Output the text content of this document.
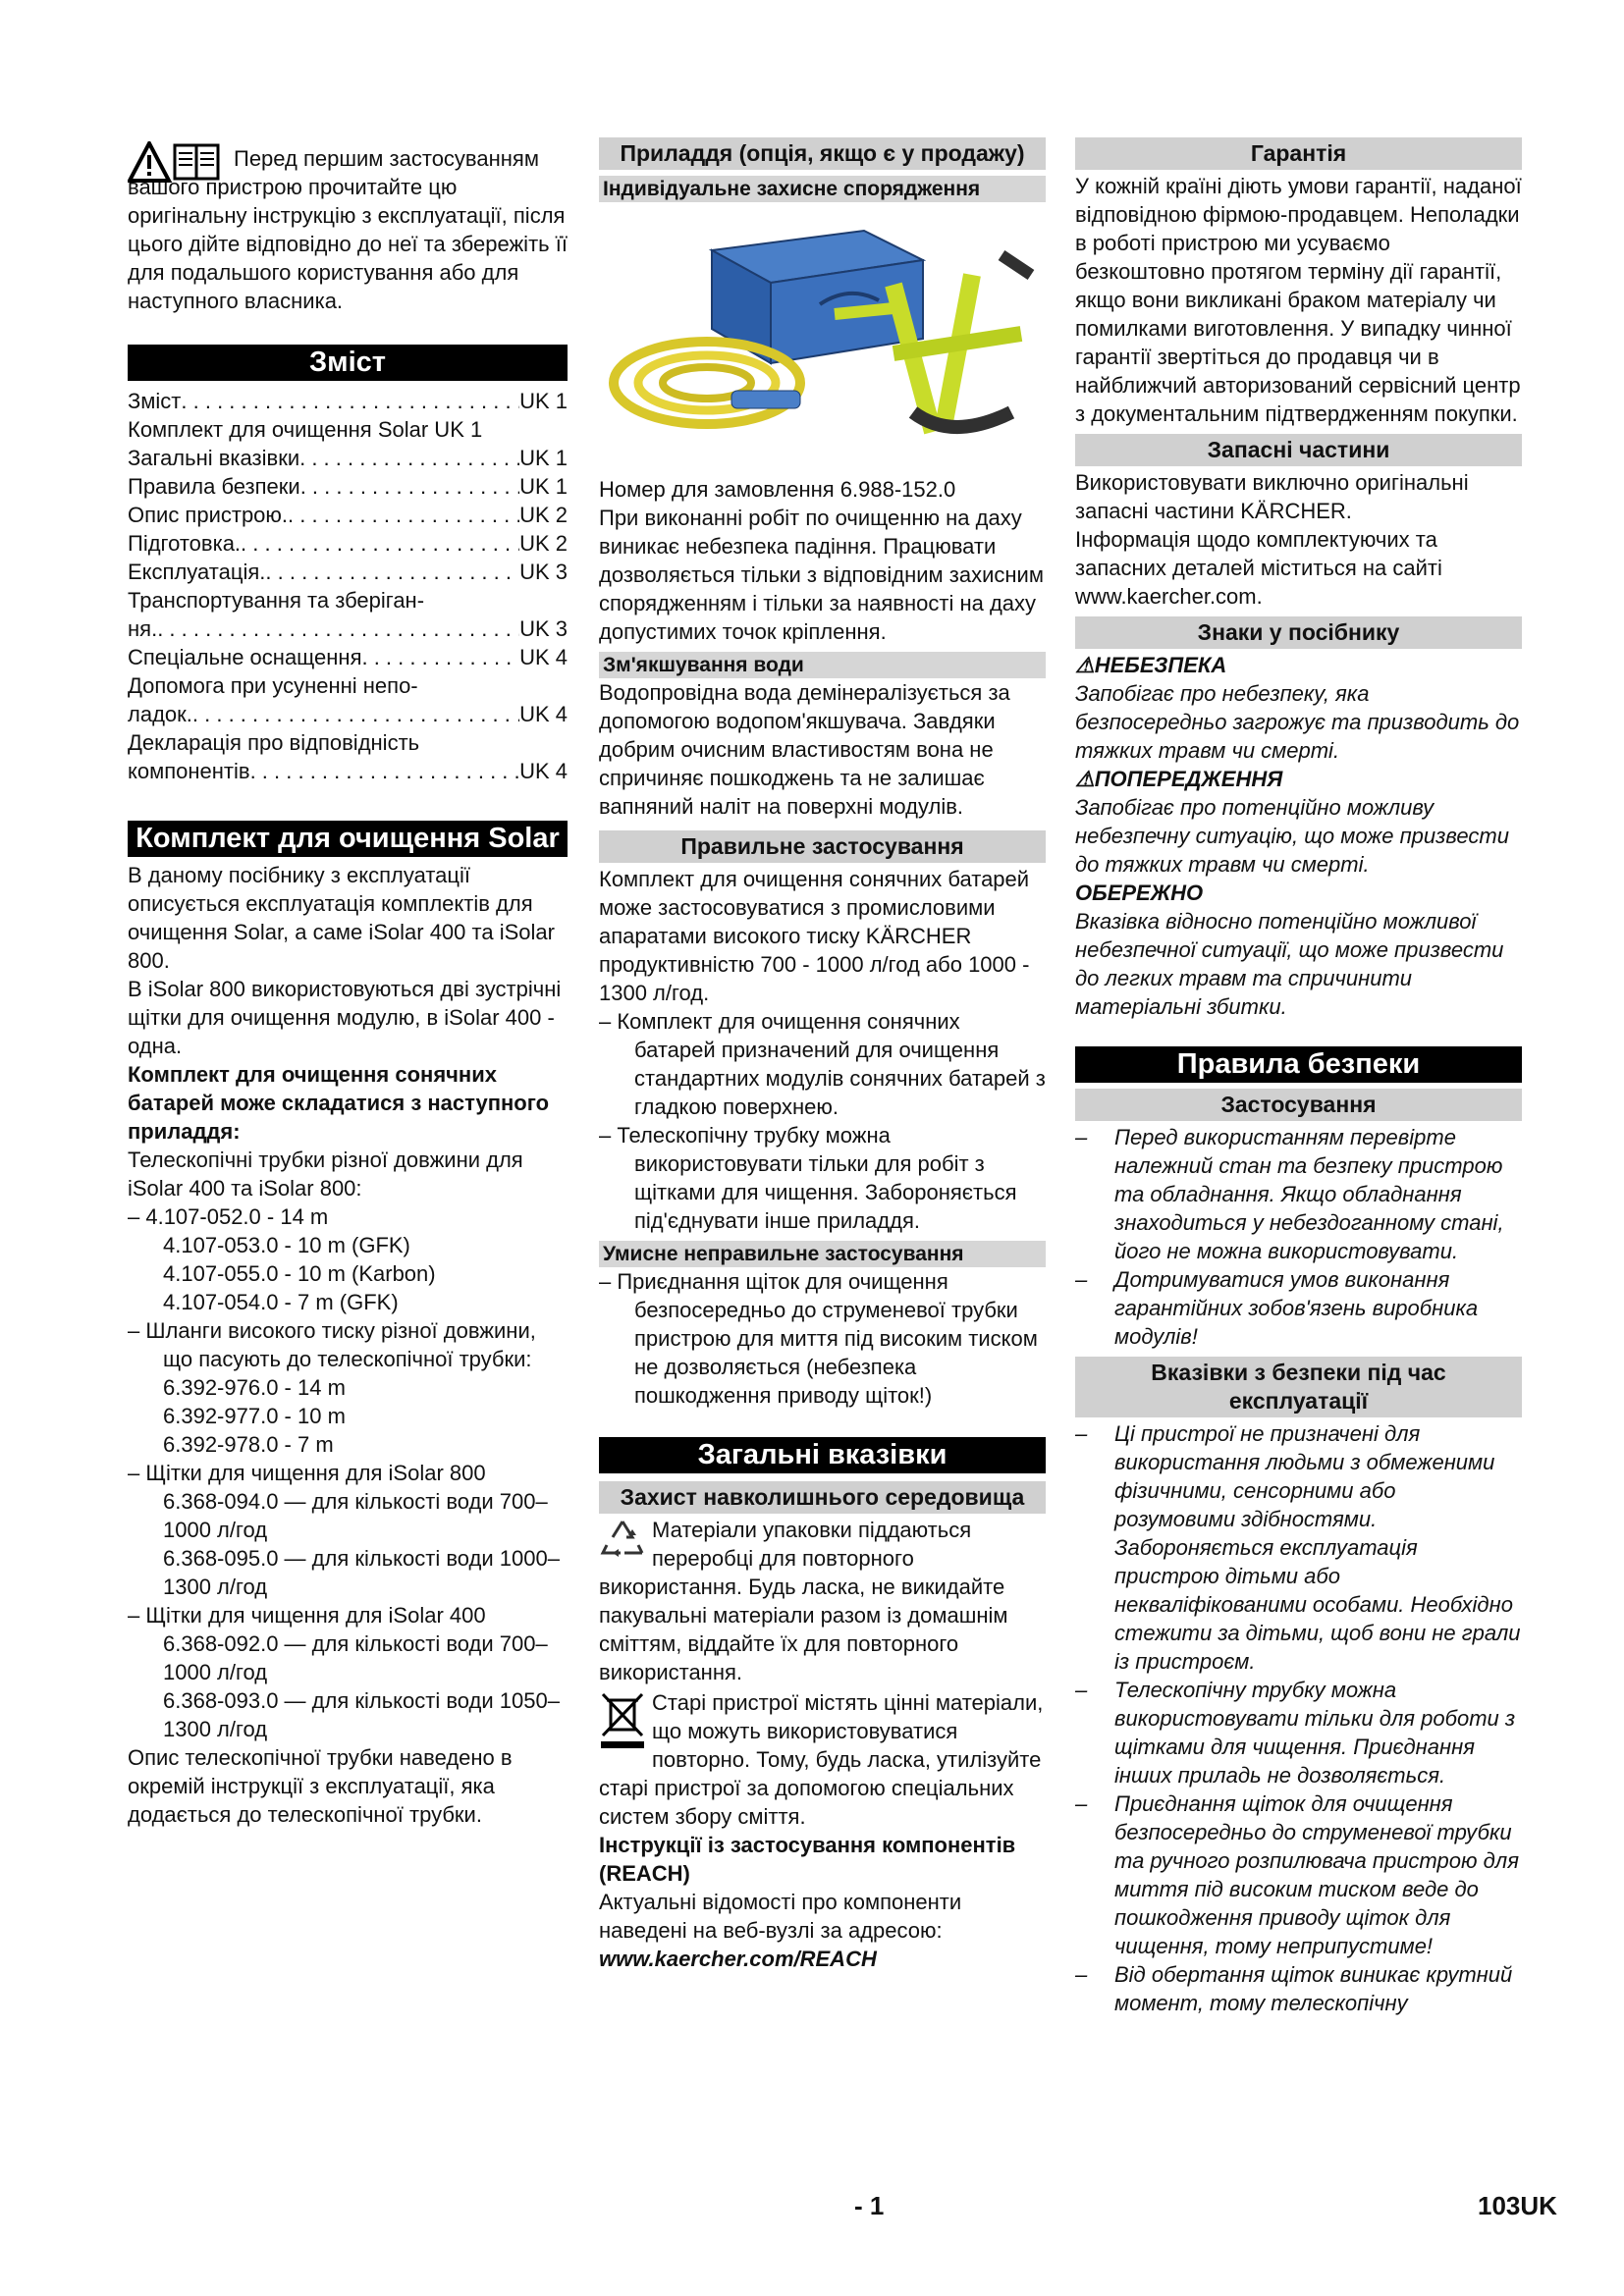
Перед першим застосуванням вашого пристрою прочитайте цю оригінальну інструкцію з експлуатації, після цього дійте відповідно до неї та збережіть її для подальшого користування або для наступного власника.

Зміст
Зміст . . .	UK 1
Комплект для очищення Solar UK 1
Загальні вказівки . . .	UK 1
Правила безпеки . . .	UK 1
Опис пристрою. . . .	UK 2
Підготовка. . . .	UK 2
Експлуатація. . . .	UK 3
Транспортування та зберіган-
ня. . . .	UK 3
Спеціальне оснащення . . .	UK 4
Допомога при усуненні непо-
ладок. . . .	UK 4
Декларація про відповідність
компонентів . . .	UK 4
Комплект для очищення Solar

В даному посібнику з експлуатації описується експлуатація комплектів для очищення Solar, а саме iSolar 400 та iSolar 800.

В iSolar 800 використовуються дві зустрічні щітки для очищення модулю, в iSolar 400 - одна.

Комплект для очищення сонячних батарей може складатися з наступного приладдя:

Телескопічні трубки різної довжини для iSolar 400 та iSolar 800:

– 4.107-052.0 - 14 m

4.107-053.0 - 10 m (GFK)

4.107-055.0 - 10 m (Karbon)

4.107-054.0 - 7 m (GFK)

– Шланги високого тиску різної довжини, що пасують до телескопічної трубки:

6.392-976.0 - 14 m

6.392-977.0 - 10 m

6.392-978.0 - 7 m

– Щітки для чищення для iSolar 800

6.368-094.0 — для кількості води 700–1000 л/год

6.368-095.0 — для кількості води 1000–1300 л/год

– Щітки для чищення для iSolar 400

6.368-092.0 — для кількості води 700–1000 л/год

6.368-093.0 — для кількості води 1050–1300 л/год

Опис телескопічної трубки наведено в окремій інструкції з експлуатації, яка додається до телескопічної трубки.

Приладдя (опція, якщо є у продажу)
Індивідуальне захисне спорядження

Номер для замовлення 6.988-152.0

При виконанні робіт по очищенню на даху виникає небезпека падіння. Працювати дозволяється тільки з відповідним захисним спорядженням і тільки за наявності на даху допустимих точок кріплення.

Зм'якшування води

Водопровідна вода демінералізується за допомогою водопом'якшувача. Завдяки добрим очисним властивостям вона не спричиняє пошкоджень та не залишає вапняний наліт на поверхні модулів.

Правильне застосування

Комплект для очищення сонячних батарей може застосовуватися з промисловими апаратами високого тиску KÄRCHER продуктивністю 700 - 1000 л/год або 1000 - 1300 л/год.

– Комплект для очищення сонячних батарей призначений для очищення стандартних модулів сонячних батарей з гладкою поверхнею.

– Телескопічну трубку можна використовувати тільки для робіт з щітками для чищення. Забороняється під'єднувати інше приладдя.

Умисне неправильне застосування

– Приєднання щіток для очищення безпосередньо до струменевої трубки пристрою для миття під високим тиском не дозволяється (небезпека пошкодження приводу щіток!)

Загальні вказівки
Захист навколишнього середовища

Матеріали упаковки піддаються переробці для повторного використання. Будь ласка, не викидайте пакувальні матеріали разом із домашнім сміттям, віддайте їх для повторного використання.

Старі пристрої містять цінні матеріали, що можуть використовуватися повторно. Тому, будь ласка, утилізуйте старі пристрої за допомогою спеціальних систем збору сміття.

Інструкції із застосування компонентів (REACH)

Актуальні відомості про компоненти наведені на веб-вузлі за адресою:

www.kaercher.com/REACH

Гарантія

У кожній країні діють умови гарантії, наданої відповідною фірмою-продавцем. Неполадки в роботі пристрою ми усуваємо безкоштовно протягом терміну дії гарантії, якщо вони викликані браком матеріалу чи помилками виготовлення. У випадку чинної гарантії звертіться до продавця чи в найближчий авторизований сервісний центр з документальним підтвердженням покупки.

Запасні частини

Використовувати виключно оригінальні запасні частини KÄRCHER.

Інформація щодо комплектуючих та запасних деталей міститься на сайті www.kaercher.com.

Знаки у посібнику

⚠НЕБЕЗПЕКА

Запобігає про небезпеку, яка безпосередньо загрожує та призводить до тяжких травм чи смерті.

⚠ПОПЕРЕДЖЕННЯ

Запобігає про потенційно можливу небезпечну ситуацію, що може призвести до тяжких травм чи смерті.

ОБЕРЕЖНО

Вказівка відносно потенційно можливої небезпечної ситуації, що може призвести до легких травм та спричинити матеріальні збитки.

Правила безпеки
Застосування
–	Перед використанням перевірте належний стан та безпеку пристрою та обладнання. Якщо обладнання знаходиться у небездоганному стані, його не можна використовувати.
–	Дотримуватися умов виконання гарантійних зобов'язень виробника модулів!
Вказівки з безпеки під час експлуатації
–	Ці пристрої не призначені для використання людьми з обмеженими фізичними, сенсорними або розумовими здібностями. Забороняється експлуатація пристрою дітьми або некваліфікованими особами. Необхідно стежити за дітьми, щоб вони не грали із пристроєм.
–	Телескопічну трубку можна використовувати тільки для роботи з щітками для чищення. Приєднання інших приладь не дозволяється.
–	Приєднання щіток для очищення безпосередньо до струменевої трубки та ручного розпилювача пристрою для миття під високим тиском веде до пошкодження приводу щіток для чищення, тому неприпустиме!
–	Від обертання щіток виникає крутний момент, тому телескопічну
- 1	103UK
